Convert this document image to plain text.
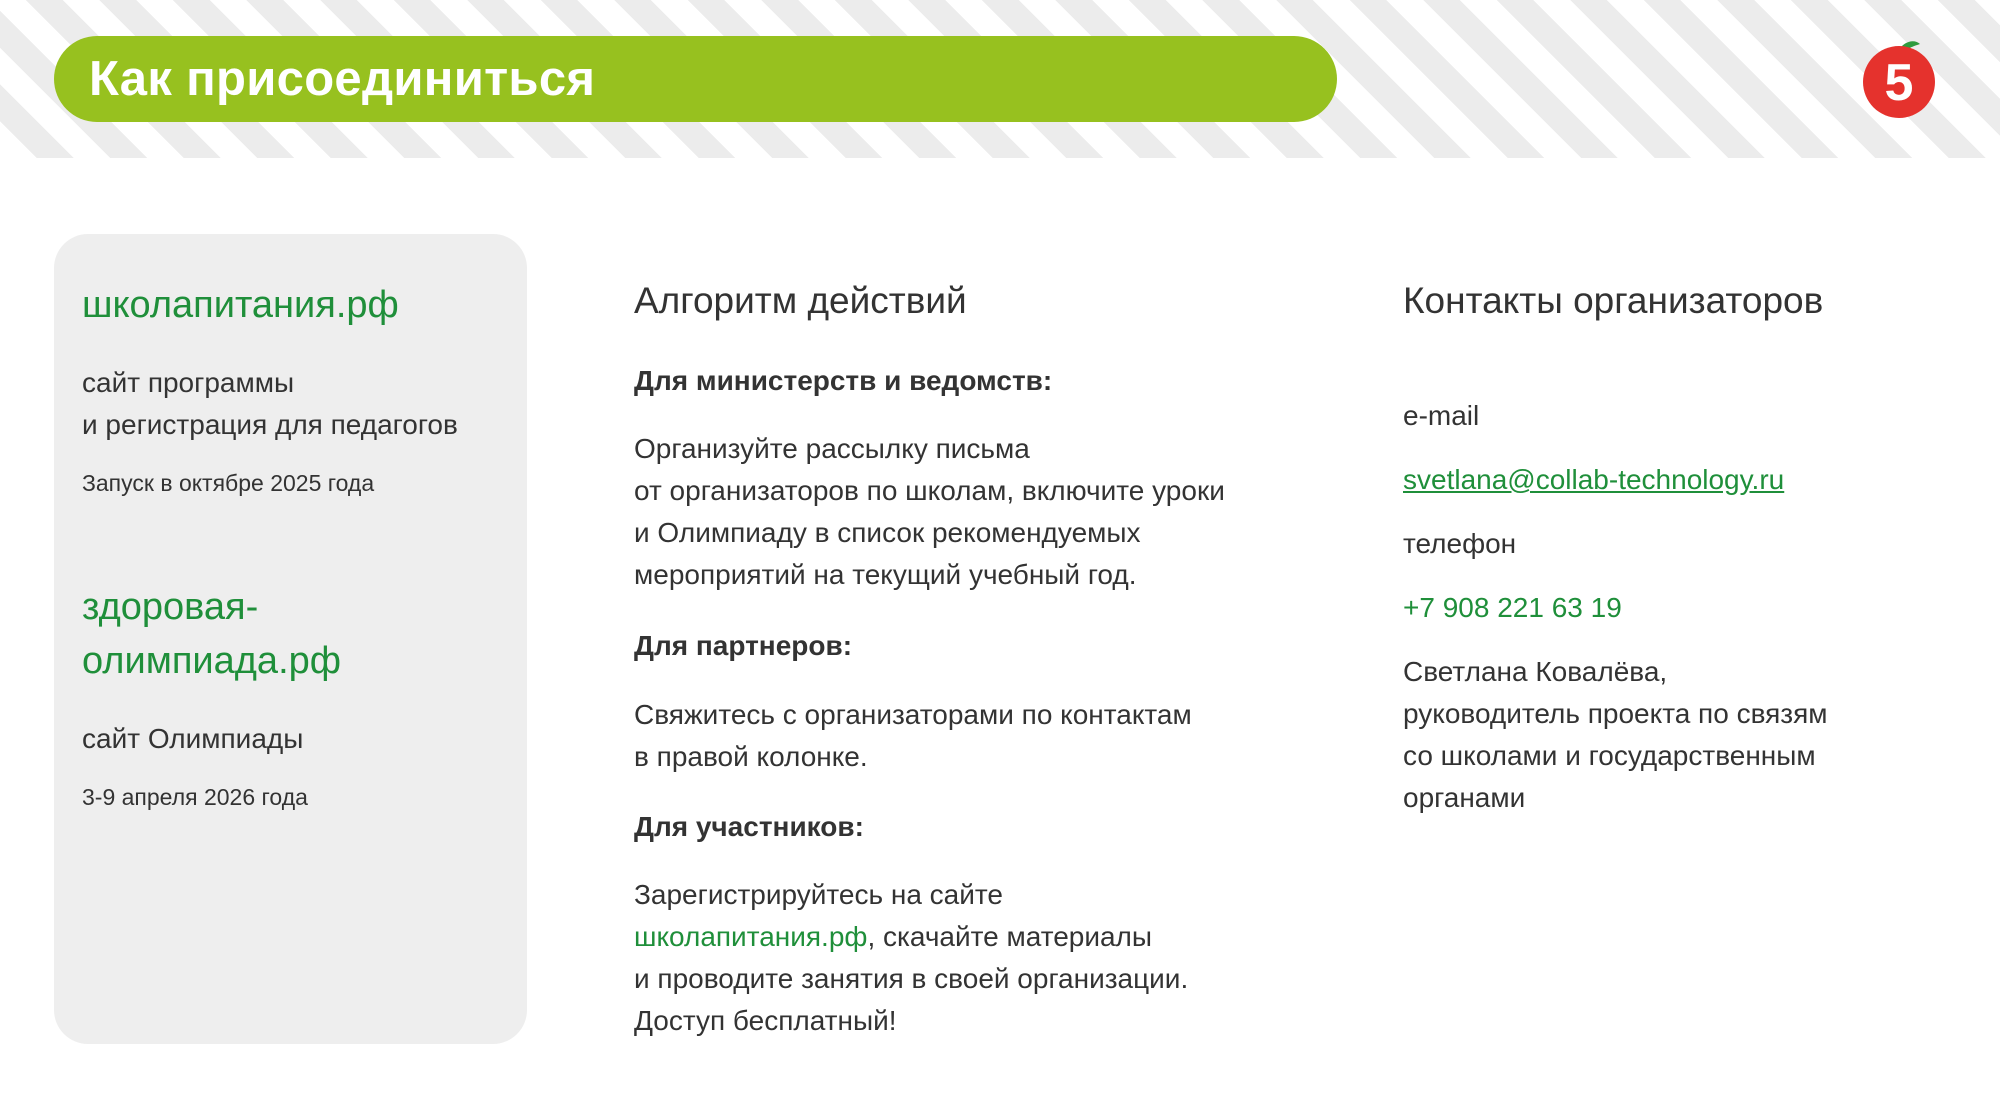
Как присоединиться	5
школапитания.рф
сайт программы
и регистрация для педагогов
Запуск в октябре 2025 года
здоровая-
олимпиада.рф
сайт Олимпиады
3-9 апреля 2026 года
Алгоритм действий
Для министерств и ведомств:
Организуйте рассылку письма
от организаторов по школам, включите уроки
и Олимпиаду в список рекомендуемых
мероприятий на текущий учебный год.
Для партнеров:
Свяжитесь с организаторами по контактам
в правой колонке.
Для участников:
Зарегистрируйтесь на сайте
школапитания.рф, скачайте материалы
и проводите занятия в своей организации.
Доступ бесплатный!
Контакты организаторов
e-mail
svetlana@collab-technology.ru
телефон
+7 908 221 63 19
Светлана Ковалёва,
руководитель проекта по связям
со школами и государственным
органами
